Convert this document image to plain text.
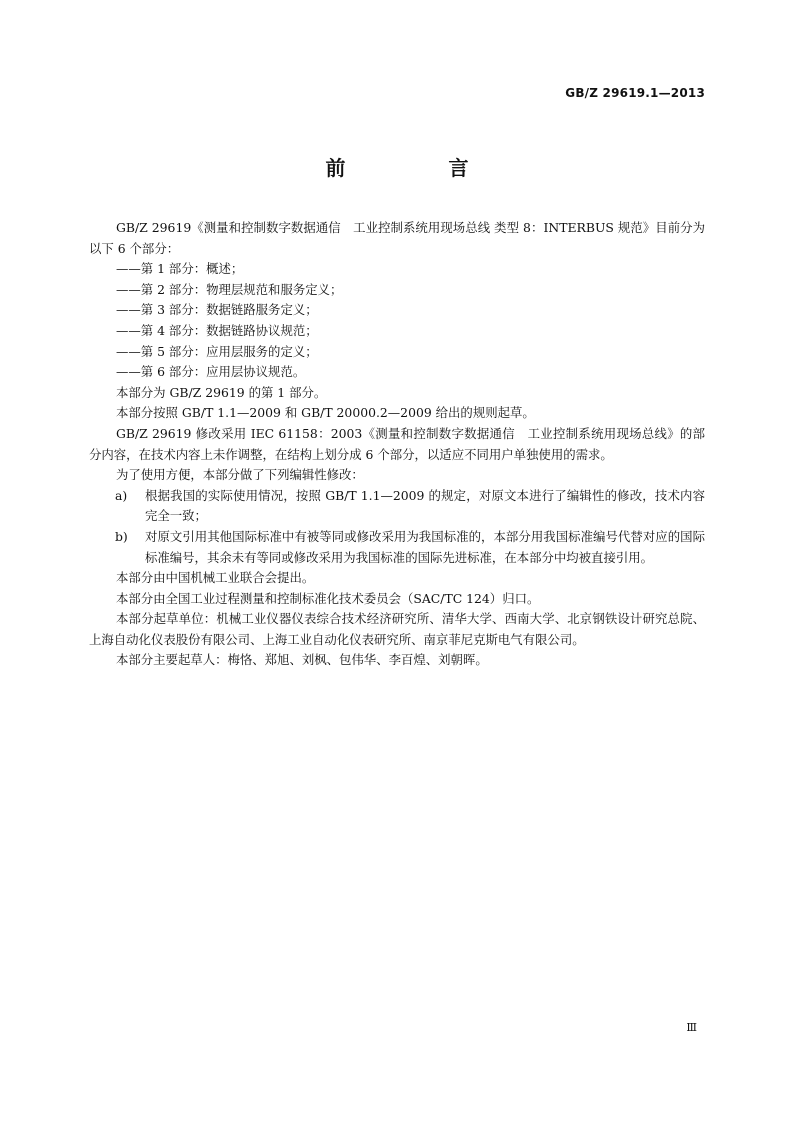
GB/Z 29619.1—2013
前 言

GB/Z 29619《测量和控制数字数据通信　工业控制系统用现场总线 类型 8：INTERBUS 规范》目前分为以下 6 个部分：

——第 1 部分：概述；

——第 2 部分：物理层规范和服务定义；

——第 3 部分：数据链路服务定义；

——第 4 部分：数据链路协议规范；

——第 5 部分：应用层服务的定义；

——第 6 部分：应用层协议规范。

本部分为 GB/Z 29619 的第 1 部分。

本部分按照 GB/T 1.1—2009 和 GB/T 20000.2—2009 给出的规则起草。

GB/Z 29619 修改采用 IEC 61158：2003《测量和控制数字数据通信　工业控制系统用现场总线》的部分内容，在技术内容上未作调整，在结构上划分成 6 个部分，以适应不同用户单独使用的需求。

为了使用方便，本部分做了下列编辑性修改：

a)	根据我国的实际使用情况，按照 GB/T 1.1—2009 的规定，对原文本进行了编辑性的修改，技术内容完全一致；
b)	对原文引用其他国际标准中有被等同或修改采用为我国标准的，本部分用我国标准编号代替对应的国际标准编号，其余未有等同或修改采用为我国标准的国际先进标准，在本部分中均被直接引用。

本部分由中国机械工业联合会提出。

本部分由全国工业过程测量和控制标准化技术委员会（SAC/TC 124）归口。

本部分起草单位：机械工业仪器仪表综合技术经济研究所、清华大学、西南大学、北京钢铁设计研究总院、上海自动化仪表股份有限公司、上海工业自动化仪表研究所、南京菲尼克斯电气有限公司。

本部分主要起草人：梅恪、郑旭、刘枫、包伟华、李百煌、刘朝晖。

Ⅲ
